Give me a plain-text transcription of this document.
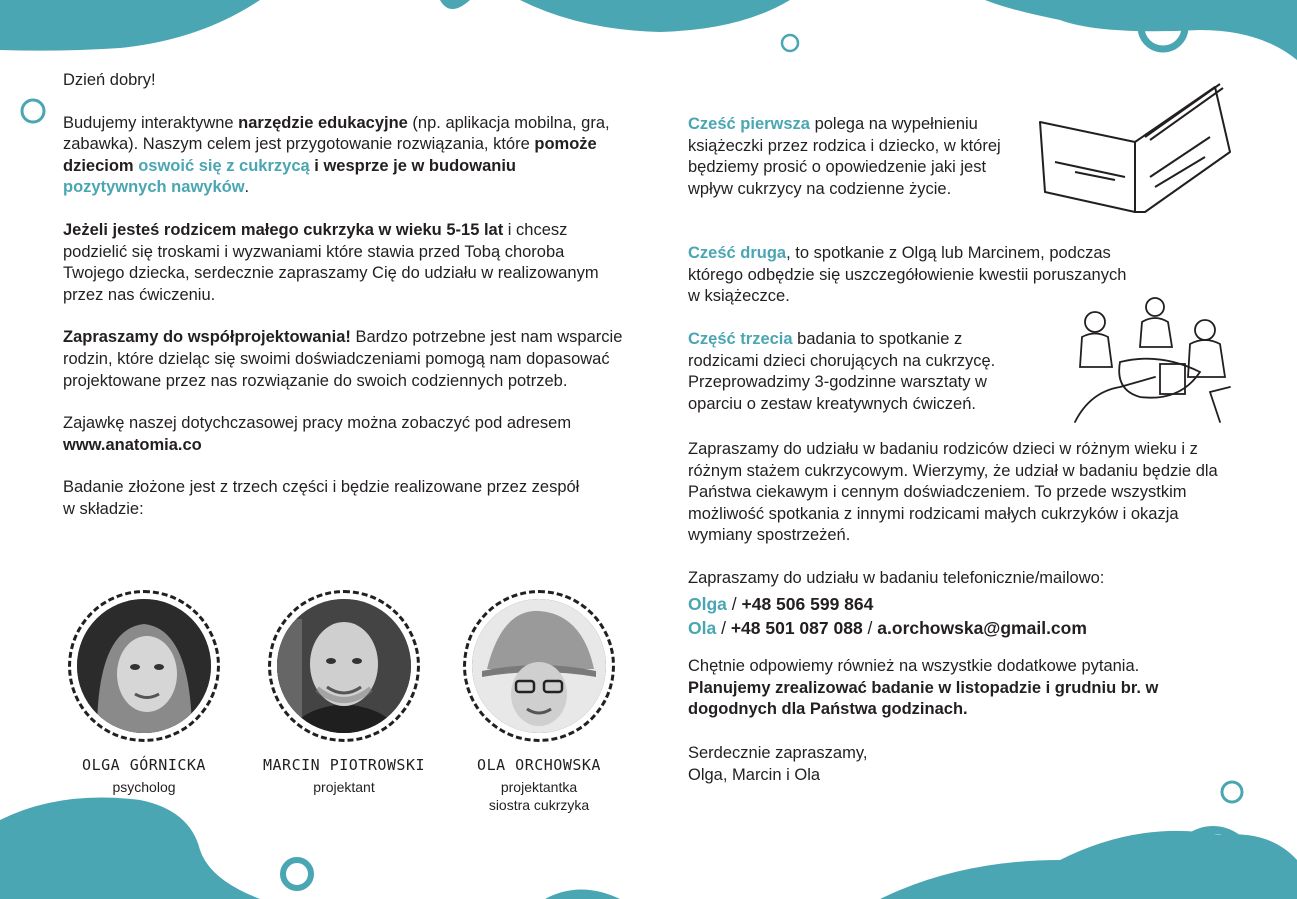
Dzień dobry!

Budujemy interaktywne narzędzie edukacyjne (np. aplikacja mobilna, gra, zabawka). Naszym celem jest przygotowanie rozwiązania, które pomoże dzieciom oswoić się z cukrzycą i wesprze je w budowaniu pozytywnych nawyków.

Jeżeli jesteś rodzicem małego cukrzyka w wieku 5-15 lat i chcesz podzielić się troskami i wyzwaniami które stawia przed Tobą choroba Twojego dziecka, serdecznie zapraszamy Cię do udziału w realizowanym przez nas ćwiczeniu.

Zapraszamy do współprojektowania! Bardzo potrzebne jest nam wsparcie rodzin, które dzieląc się swoimi doświadczeniami pomogą nam dopasować projektowane przez nas rozwiązanie do swoich codziennych potrzeb.

Zajawkę naszej dotychczasowej pracy można zobaczyć pod adresem www.anatomia.co

Badanie złożone jest z trzech części i będzie realizowane przez zespół w składzie:

OLGA GÓRNICKA
psycholog
MARCIN PIOTROWSKI
projektant
OLA ORCHOWSKA
projektantka
siostra cukrzyka

Cześć pierwsza polega na wypełnieniu książeczki przez rodzica i dziecko, w której będziemy prosić o opowiedzenie jaki jest wpływ cukrzycy na codzienne życie.

Cześć druga, to spotkanie z Olgą lub Marcinem, podczas którego odbędzie się uszczegółowienie kwestii poruszanych w książeczce.

Część trzecia badania to spotkanie z rodzicami dzieci chorujących na cukrzycę. Przeprowadzimy 3-godzinne warsztaty w oparciu o zestaw kreatywnych ćwiczeń.

Zapraszamy do udziału w badaniu rodziców dzieci w różnym wieku i z różnym stażem cukrzycowym. Wierzymy, że udział w badaniu będzie dla Państwa ciekawym i cennym doświadczeniem. To przede wszystkim możliwość spotkania z innymi rodzicami małych cukrzyków i okazja wymiany spostrzeżeń.

Zapraszamy do udziału w badaniu telefonicznie/mailowo:

Olga / +48 506 599 864
Ola / +48 501 087 088 / a.orchowska@gmail.com

Chętnie odpowiemy również na wszystkie dodatkowe pytania.

Planujemy zrealizować badanie w listopadzie i grudniu br. w dogodnych dla Państwa godzinach.

Serdecznie zapraszamy,

Olga, Marcin i Ola
